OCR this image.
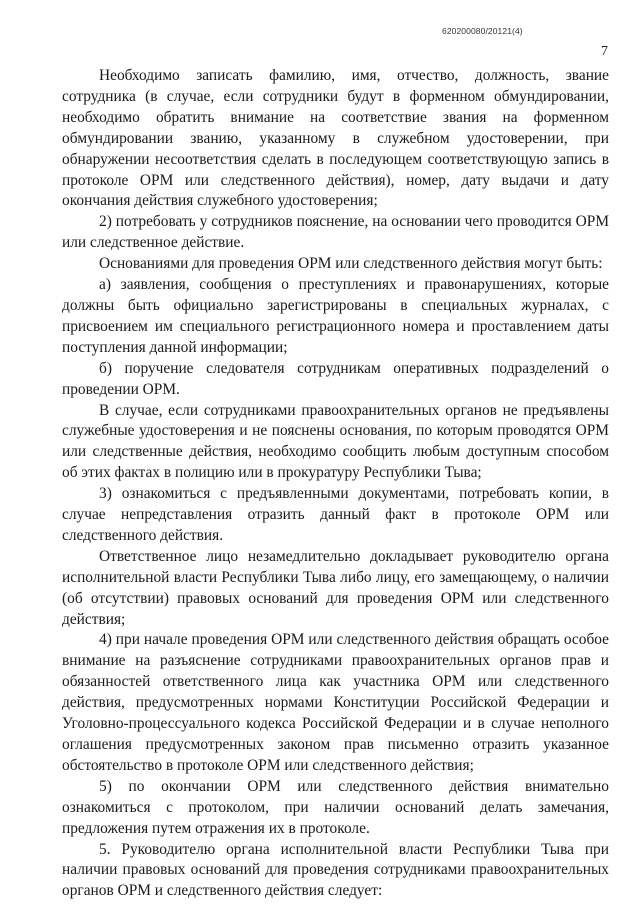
620200080/20121(4)
7

Необходимо записать фамилию, имя, отчество, должность, звание сотрудника (в случае, если сотрудники будут в форменном обмундировании, необходимо обратить внимание на соответствие звания на форменном обмундировании званию, указанному в служебном удостоверении, при обнаружении несоответствия сделать в последующем соответствующую запись в протоколе ОРМ или следственного действия), номер, дату выдачи и дату окончания действия служебного удостоверения;

2) потребовать у сотрудников пояснение, на основании чего проводится ОРМ или следственное действие.

Основаниями для проведения ОРМ или следственного действия могут быть:

а) заявления, сообщения о преступлениях и правонарушениях, которые должны быть официально зарегистрированы в специальных журналах, с присвоением им специального регистрационного номера и проставлением даты поступления данной информации;

б) поручение следователя сотрудникам оперативных подразделений о проведении ОРМ.

В случае, если сотрудниками правоохранительных органов не предъявлены служебные удостоверения и не пояснены основания, по которым проводятся ОРМ или следственные действия, необходимо сообщить любым доступным способом об этих фактах в полицию или в прокуратуру Республики Тыва;

3) ознакомиться с предъявленными документами, потребовать копии, в случае непредставления отразить данный факт в протоколе ОРМ или следственного действия.

Ответственное лицо незамедлительно докладывает руководителю органа исполнительной власти Республики Тыва либо лицу, его замещающему, о наличии (об отсутствии) правовых оснований для проведения ОРМ или следственного действия;

4) при начале проведения ОРМ или следственного действия обращать особое внимание на разъяснение сотрудниками правоохранительных органов прав и обязанностей ответственного лица как участника ОРМ или следственного действия, предусмотренных нормами Конституции Российской Федерации и Уголовно-процессуального кодекса Российской Федерации и в случае неполного оглашения предусмотренных законом прав письменно отразить указанное обстоятельство в протоколе ОРМ или следственного действия;

5) по окончании ОРМ или следственного действия внимательно ознакомиться с протоколом, при наличии оснований делать замечания, предложения путем отражения их в протоколе.

5. Руководителю органа исполнительной власти Республики Тыва при наличии правовых оснований для проведения сотрудниками правоохранительных органов ОРМ и следственного действия следует:
